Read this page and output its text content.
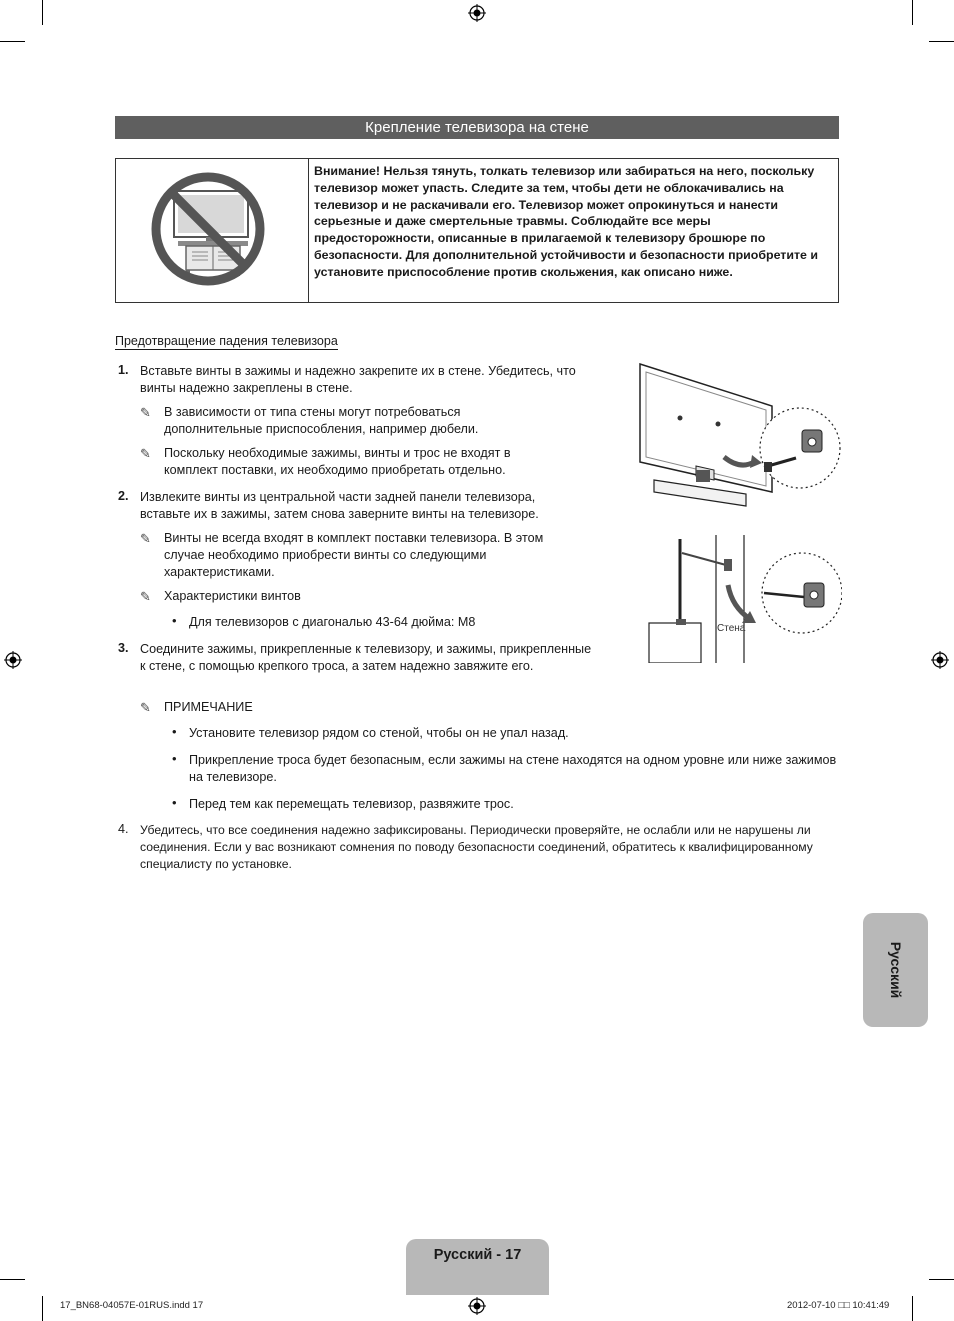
Крепление телевизора на стене
Внимание! Нельзя тянуть, толкать телевизор или забираться на него, поскольку телевизор может упасть. Следите за тем, чтобы дети не облокачивались на телевизор и не раскачивали его. Телевизор может опрокинуться и нанести серьезные и даже смертельные травмы. Соблюдайте все меры предосторожности, описанные в прилагаемой к телевизору брошюре по безопасности. Для дополнительной устойчивости и безопасности приобретите и установите приспособление против скольжения, как описано ниже.
Предотвращение падения телевизора
1. Вставьте винты в зажимы и надежно закрепите их в стене. Убедитесь, что винты надежно закреплены в стене.
✎ В зависимости от типа стены могут потребоваться дополнительные приспособления, например дюбели.
✎ Поскольку необходимые зажимы, винты и трос не входят в комплект поставки, их необходимо приобретать отдельно.
2. Извлеките винты из центральной части задней панели телевизора, вставьте их в зажимы, затем снова заверните винты на телевизоре.
✎ Винты не всегда входят в комплект поставки телевизора. В этом случае необходимо приобрести винты со следующими характеристиками.
✎ Характеристики винтов
• Для телевизоров с диагональю 43-64 дюйма: M8
3. Соедините зажимы, прикрепленные к телевизору, и зажимы, прикрепленные к стене, с помощью крепкого троса, а затем надежно завяжите его.
✎ ПРИМЕЧАНИЕ
• Установите телевизор рядом со стеной, чтобы он не упал назад.
• Прикрепление троса будет безопасным, если зажимы на стене находятся на одном уровне или ниже зажимов на телевизоре.
• Перед тем как перемещать телевизор, развяжите трос.
4. Убедитесь, что все соединения надежно зафиксированы. Периодически проверяйте, не ослабли или не нарушены ли соединения. Если у вас возникают сомнения по поводу безопасности соединений, обратитесь к квалифицированному специалисту по установке.
Стена
Русский
Русский - 17
17_BN68-04057E-01RUS.indd 17	2012-07-10 □□ 10:41:49
